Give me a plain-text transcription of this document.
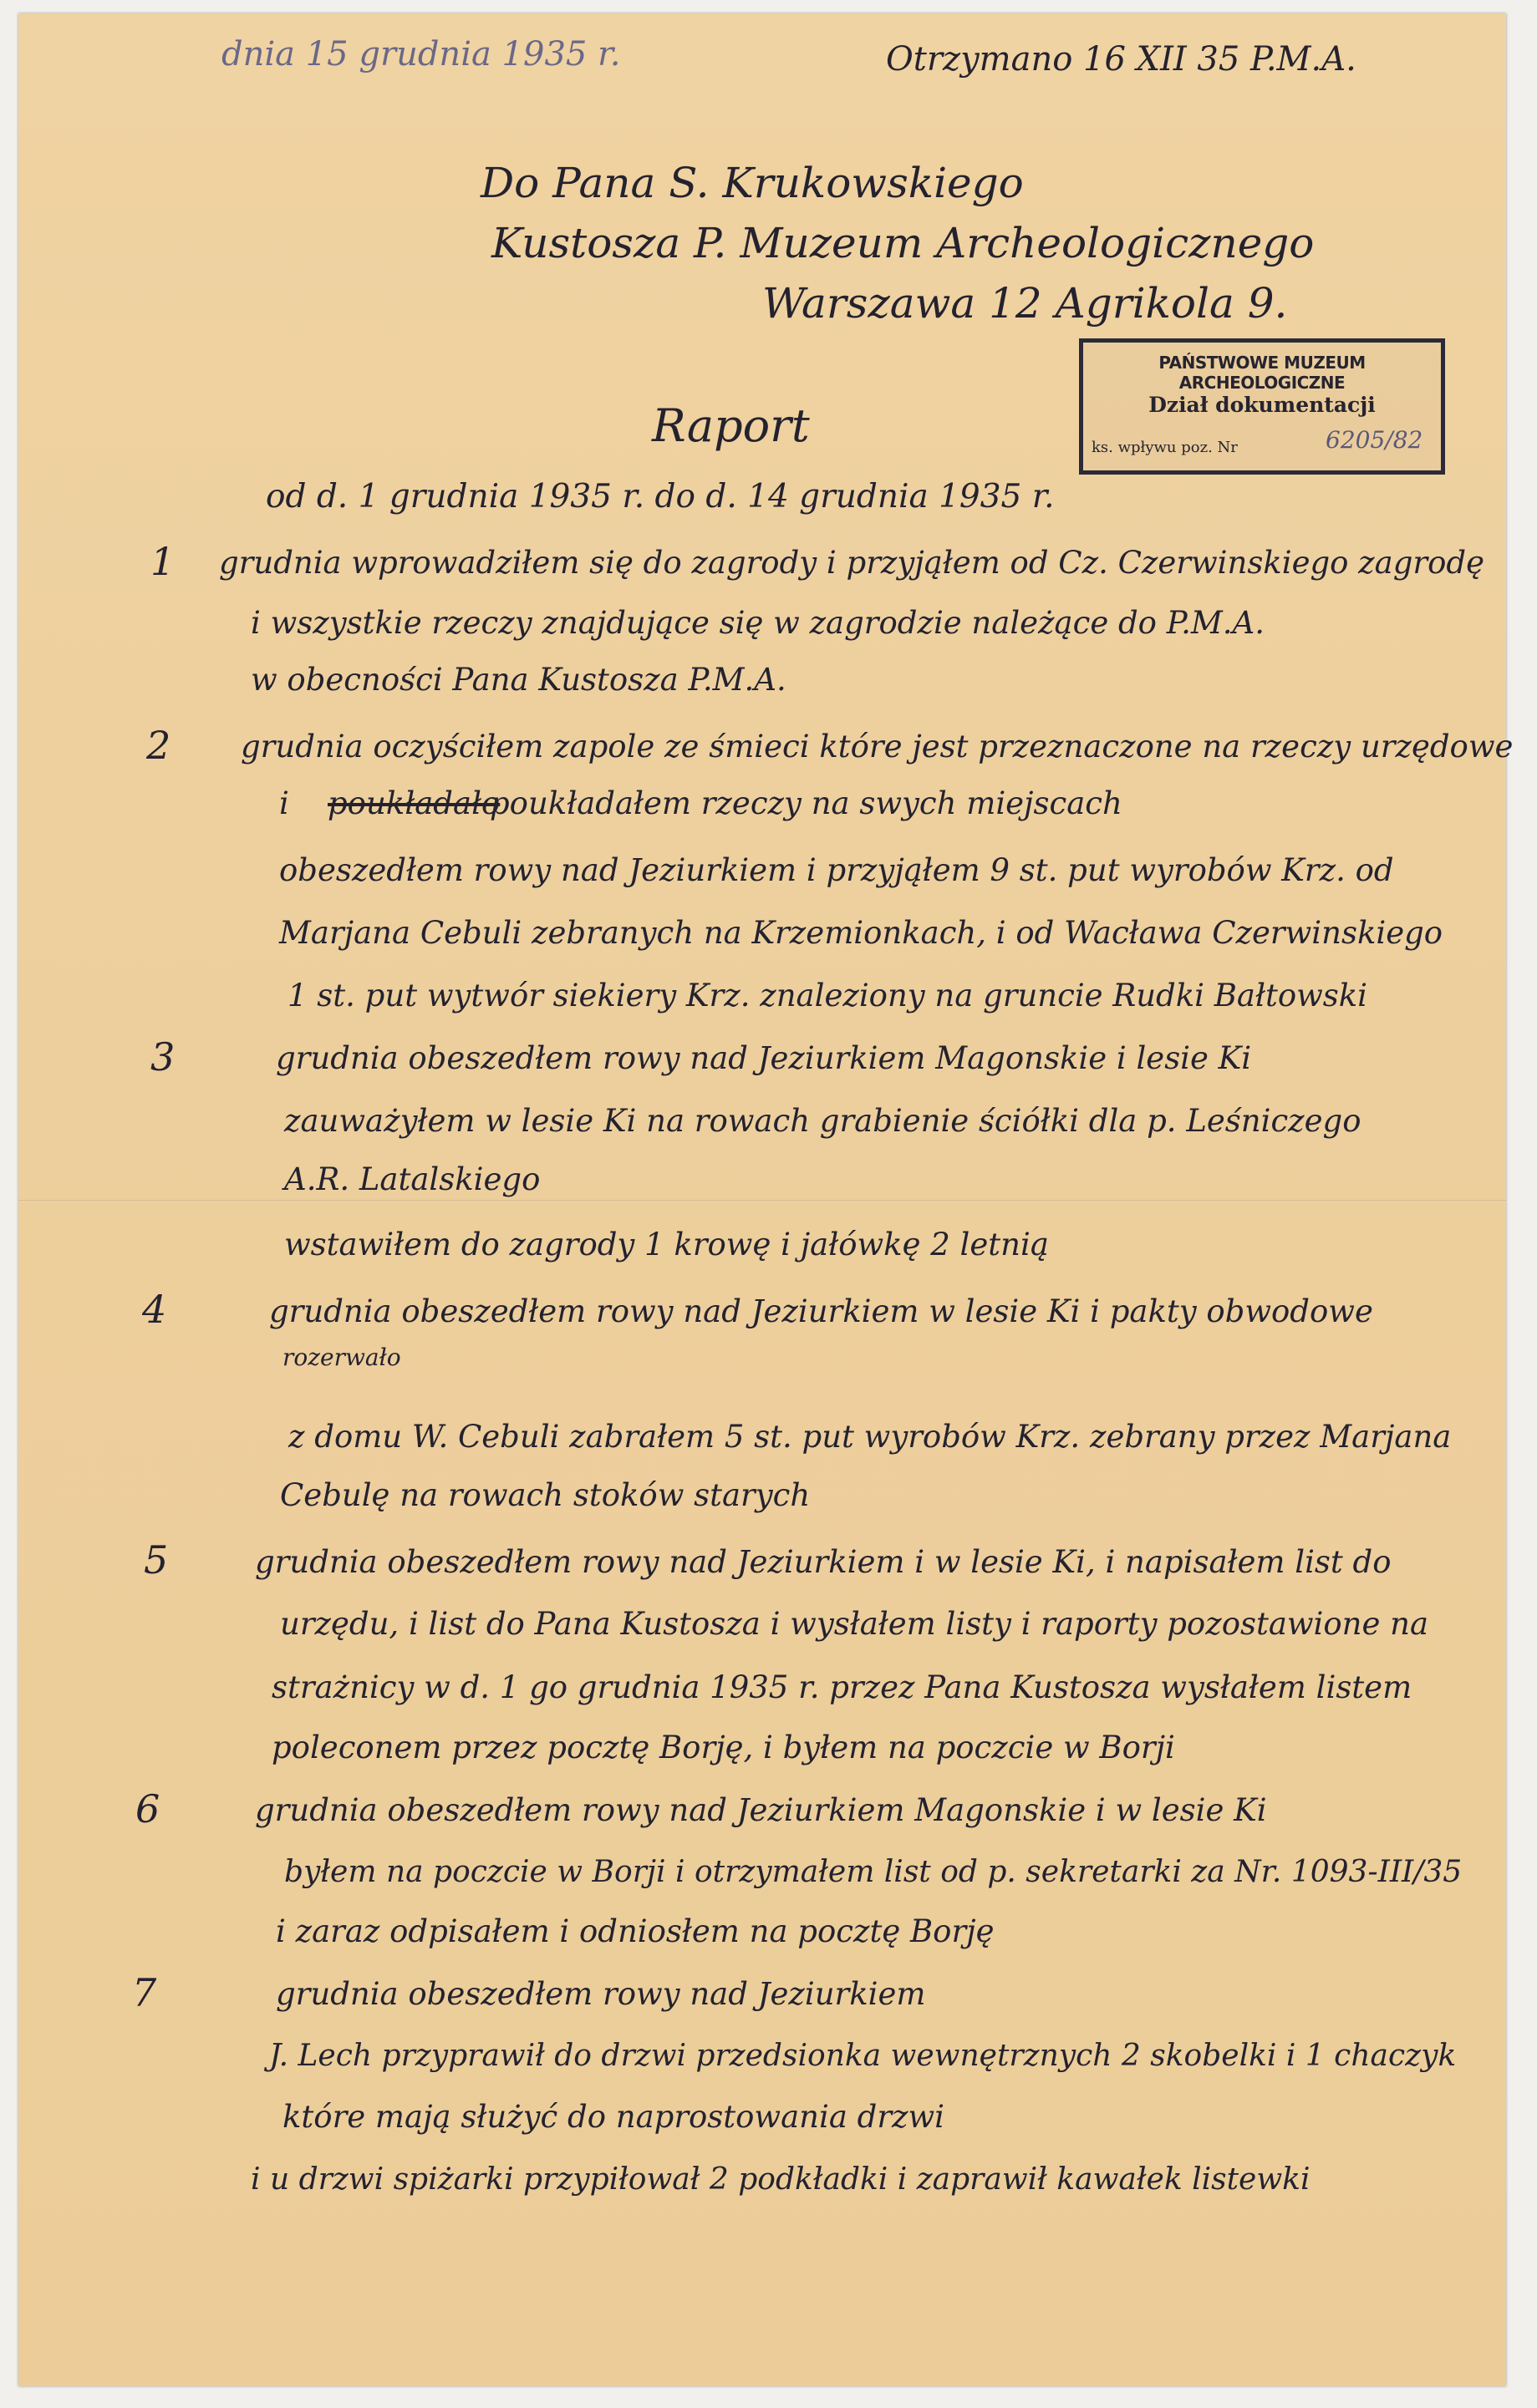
dnia 15 grudnia 1935 r.	Otrzymano 16 XII 35 P.M.A.
Do Pana S. Krukowskiego
Kustosza P. Muzeum Archeologicznego
Warszawa 12 Agrikola 9.
PAŃSTWOWE MUZEUM ARCHEOLOGICZNE
Dział dokumentacji
ks. wpływu poz. Nr	6205/82
Raport
od d. 1 grudnia 1935 r. do d. 14 grudnia 1935 r.
1 grudnia wprowadziłem się do zagrody i przyjąłem od Cz. Czerwinskiego zagrodę
i wszystkie rzeczy znajdujące się w zagrodzie należące do P.M.A.
w obecności Pana Kustosza P.M.A.
2 grudnia oczyściłem zapole ze śmieci które jest przeznaczone na rzeczy urzędowe
i poukładało
poukładałem rzeczy na swych miejscach
obeszedłem rowy nad Jeziurkiem i przyjąłem 9 st. put wyrobów Krz. od
Marjana Cebuli zebranych na Krzemionkach, i od Wacława Czerwinskiego
1 st. put wytwór siekiery Krz. znaleziony na gruncie Rudki Bałtowski
3	grudnia obeszedłem rowy nad Jeziurkiem Magonskie i lesie Ki
zauważyłem w lesie Ki na rowach grabienie ściółki dla p. Leśniczego
A.R. Latalskiego
wstawiłem do zagrody 1 krowę i jałówkę 2 letnią
4	grudnia obeszedłem rowy nad Jeziurkiem w lesie Ki i pakty obwodowe
rozerwało
z domu W. Cebuli zabrałem 5 st. put wyrobów Krz. zebrany przez Marjana
Cebulę na rowach stoków starych
5	grudnia obeszedłem rowy nad Jeziurkiem i w lesie Ki, i napisałem list do
urzędu, i list do Pana Kustosza i wysłałem listy i raporty pozostawione na
strażnicy w d. 1 go grudnia 1935 r. przez Pana Kustosza wysłałem listem
poleconem przez pocztę Borję, i byłem na poczcie w Borji
6	grudnia obeszedłem rowy nad Jeziurkiem Magonskie i w lesie Ki
byłem na poczcie w Borji i otrzymałem list od p. sekretarki za Nr. 1093-III/35
i zaraz odpisałem i odniosłem na pocztę Borję
7	grudnia obeszedłem rowy nad Jeziurkiem
J. Lech przyprawił do drzwi przedsionka wewnętrznych 2 skobelki i 1 chaczyk
które mają służyć do naprostowania drzwi
i u drzwi spiżarki przypiłował 2 podkładki i zaprawił kawałek listewki
